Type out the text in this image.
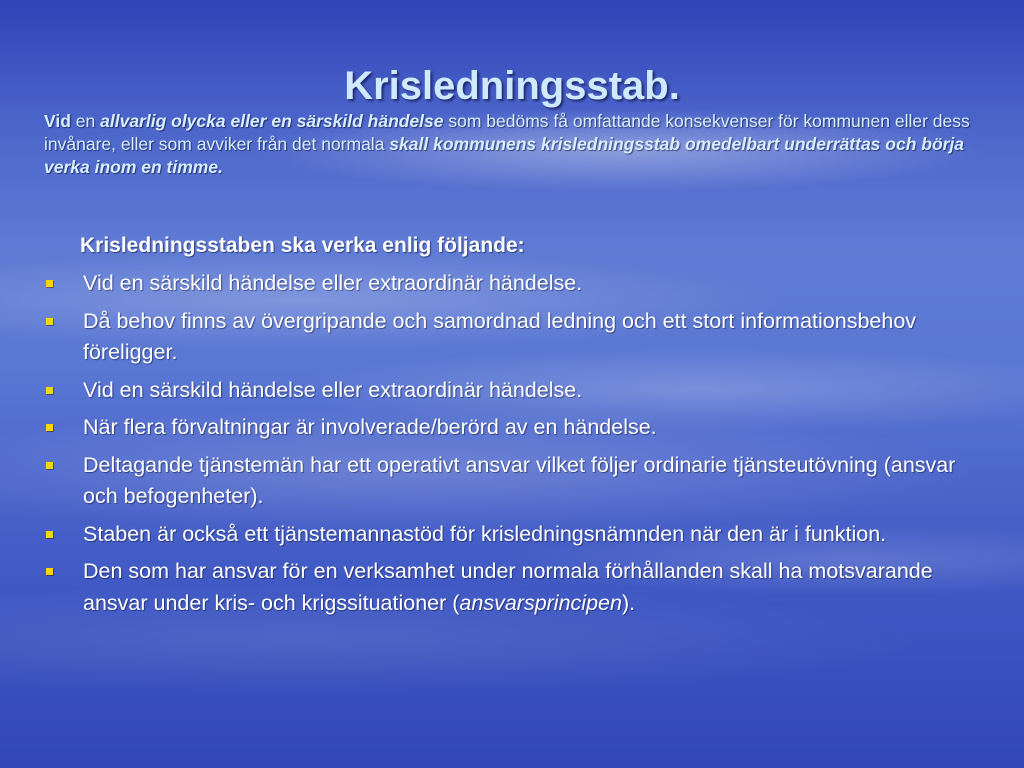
Krisledningsstab.

Vid en allvarlig olycka eller en särskild händelse som bedöms få omfattande konsekvenser för kommunen eller dess invånare, eller som avviker från det normala skall kommunens krisledningsstab omedelbart underrättas och börja verka inom en timme.

Krisledningsstaben ska verka enlig följande:

Vid en särskild händelse eller extraordinär händelse.
Då behov finns av övergripande och samordnad ledning och ett stort informationsbehov föreligger.
Vid en särskild händelse eller extraordinär händelse.
När flera förvaltningar är involverade/berörd av en händelse.
Deltagande tjänstemän har ett operativt ansvar vilket följer ordinarie tjänsteutövning (ansvar och befogenheter).
Staben är också ett tjänstemannastöd för krisledningsnämnden när den är i funktion.
Den som har ansvar för en verksamhet under normala förhållanden skall ha motsvarande ansvar under kris- och krigssituationer (ansvarsprincipen).
